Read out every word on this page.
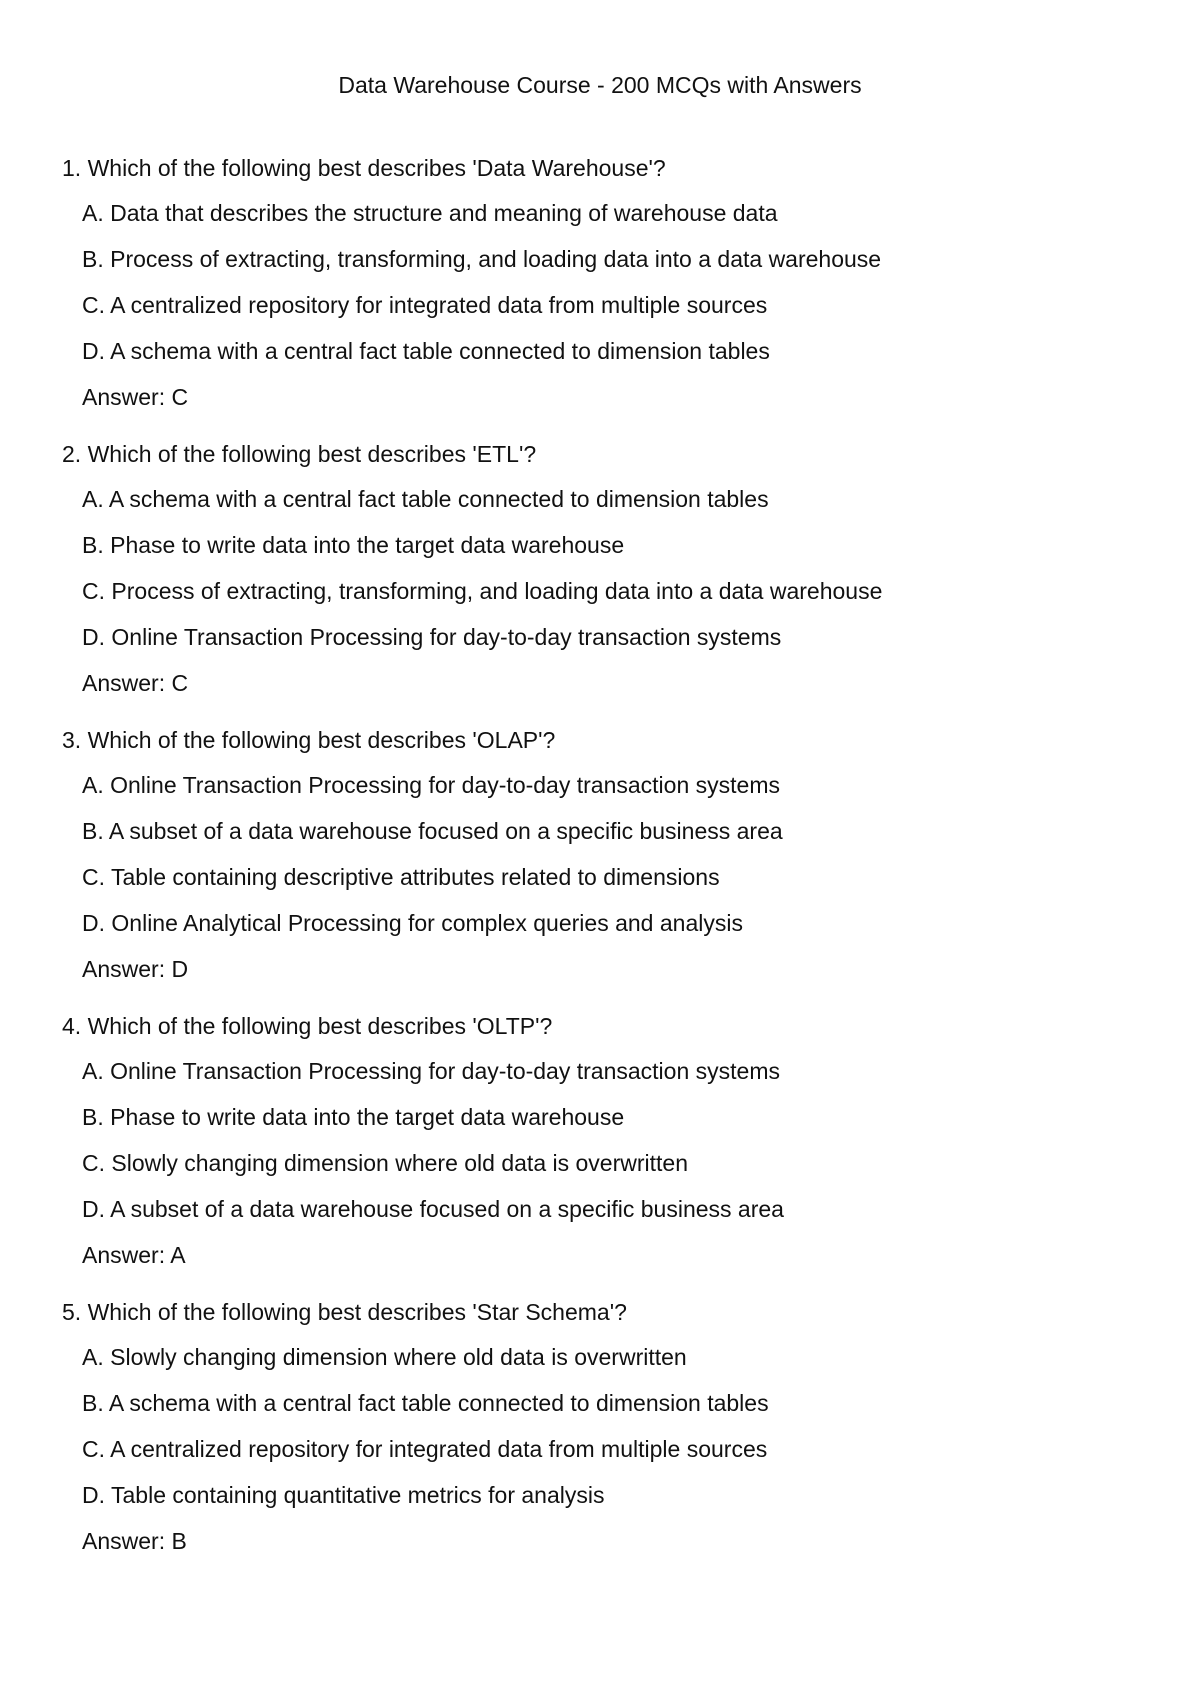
Data Warehouse Course - 200 MCQs with Answers
1 . Which of the following best describes 'Data Warehouse'?
A . Data that describes the structure and meaning of warehouse data
B . Process of extracting, transforming, and loading data into a data warehouse
C . A centralized repository for integrated data from multiple sources
D . A schema with a central fact table connected to dimension tables
Answer : C
2 . Which of the following best describes 'ETL'?
A . A schema with a central fact table connected to dimension tables
B . Phase to write data into the target data warehouse
C . Process of extracting, transforming, and loading data into a data warehouse
D . Online Transaction Processing for day-to-day transaction systems
Answer : C
3 . Which of the following best describes 'OLAP'?
A . Online Transaction Processing for day-to-day transaction systems
B . A subset of a data warehouse focused on a specific business area
C . Table containing descriptive attributes related to dimensions
D . Online Analytical Processing for complex queries and analysis
Answer : D
4 . Which of the following best describes 'OLTP'?
A . Online Transaction Processing for day-to-day transaction systems
B . Phase to write data into the target data warehouse
C . Slowly changing dimension where old data is overwritten
D . A subset of a data warehouse focused on a specific business area
Answer : A
5 . Which of the following best describes 'Star Schema'?
A . Slowly changing dimension where old data is overwritten
B . A schema with a central fact table connected to dimension tables
C . A centralized repository for integrated data from multiple sources
D . Table containing quantitative metrics for analysis
Answer : B
